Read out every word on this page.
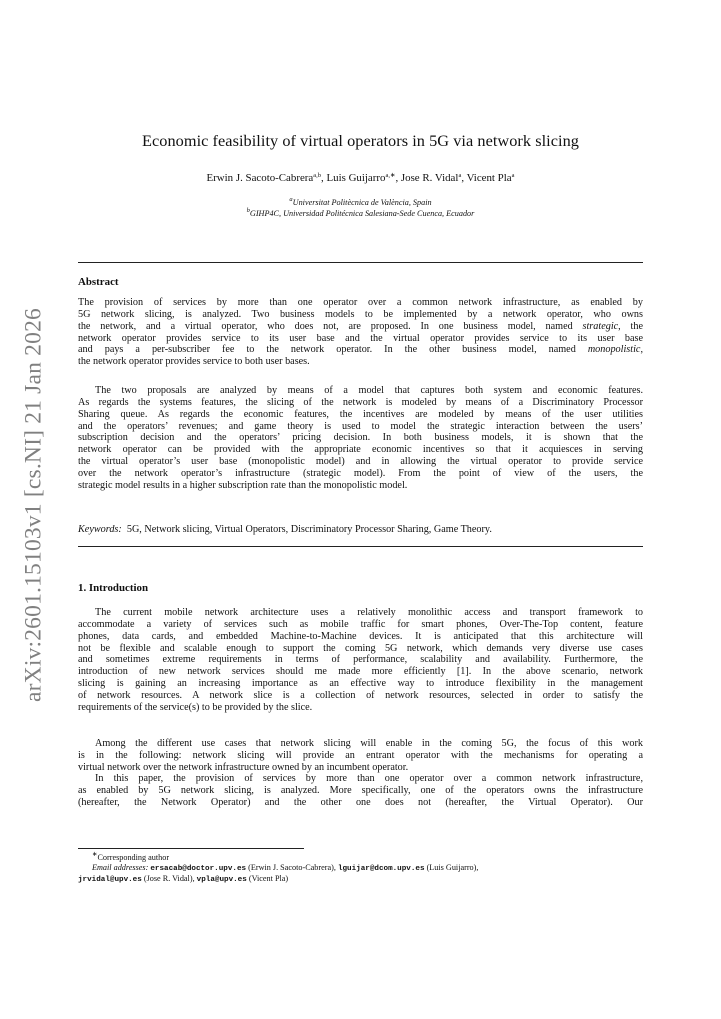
arXiv:2601.15103v1 [cs.NI] 21 Jan 2026
Economic feasibility of virtual operators in 5G via network slicing
Erwin J. Sacoto-Cabrera$^{a,b}$, Luis Guijarro$^{a,∗}$, Jose R. Vidal$^a$, Vicent Pla$^a$
$^a$Universitat Politècnica de València, Spain
$^b$GIHP4C, Universidad Politécnica Salesiana-Sede Cuenca, Ecuador
Abstract
The provision of services by more than one operator over a common network infrastructure, as enabled by
5G network slicing, is analyzed. Two business models to be implemented by a network operator, who owns
the network, and a virtual operator, who does not, are proposed. In one business model, named strategic, the
network operator provides service to its user base and the virtual operator provides service to its user base
and pays a per-subscriber fee to the network operator. In the other business model, named monopolistic,
the network operator provides service to both user bases.
The two proposals are analyzed by means of a model that captures both system and economic features.
As regards the systems features, the slicing of the network is modeled by means of a Discriminatory Processor
Sharing queue. As regards the economic features, the incentives are modeled by means of the user utilities
and the operators’ revenues; and game theory is used to model the strategic interaction between the users’
subscription decision and the operators’ pricing decision. In both business models, it is shown that the
network operator can be provided with the appropriate economic incentives so that it acquiesces in serving
the virtual operator’s user base (monopolistic model) and in allowing the virtual operator to provide service
over the network operator’s infrastructure (strategic model). From the point of view of the users, the
strategic model results in a higher subscription rate than the monopolistic model.
Keywords: 5G, Network slicing, Virtual Operators, Discriminatory Processor Sharing, Game Theory.
1. Introduction
The current mobile network architecture uses a relatively monolithic access and transport framework to
accommodate a variety of services such as mobile traffic for smart phones, Over-The-Top content, feature
phones, data cards, and embedded Machine-to-Machine devices. It is anticipated that this architecture will
not be flexible and scalable enough to support the coming 5G network, which demands very diverse use cases
and sometimes extreme requirements in terms of performance, scalability and availability. Furthermore, the
introduction of new network services should me made more efficiently [1]. In the above scenario, network
slicing is gaining an increasing importance as an effective way to introduce flexibility in the management
of network resources. A network slice is a collection of network resources, selected in order to satisfy the
requirements of the service(s) to be provided by the slice.
Among the different use cases that network slicing will enable in the coming 5G, the focus of this work
is in the following: network slicing will provide an entrant operator with the mechanisms for operating a
virtual network over the network infrastructure owned by an incumbent operator.
In this paper, the provision of services by more than one operator over a common network infrastructure,
as enabled by 5G network slicing, is analyzed. More specifically, one of the operators owns the infrastructure
(hereafter, the Network Operator) and the other one does not (hereafter, the Virtual Operator). Our
∗Corresponding author
Email addresses: ersacab@doctor.upv.es (Erwin J. Sacoto-Cabrera), lguijar@dcom.upv.es (Luis Guijarro),
jrvidal@upv.es (Jose R. Vidal), vpla@upv.es (Vicent Pla)
